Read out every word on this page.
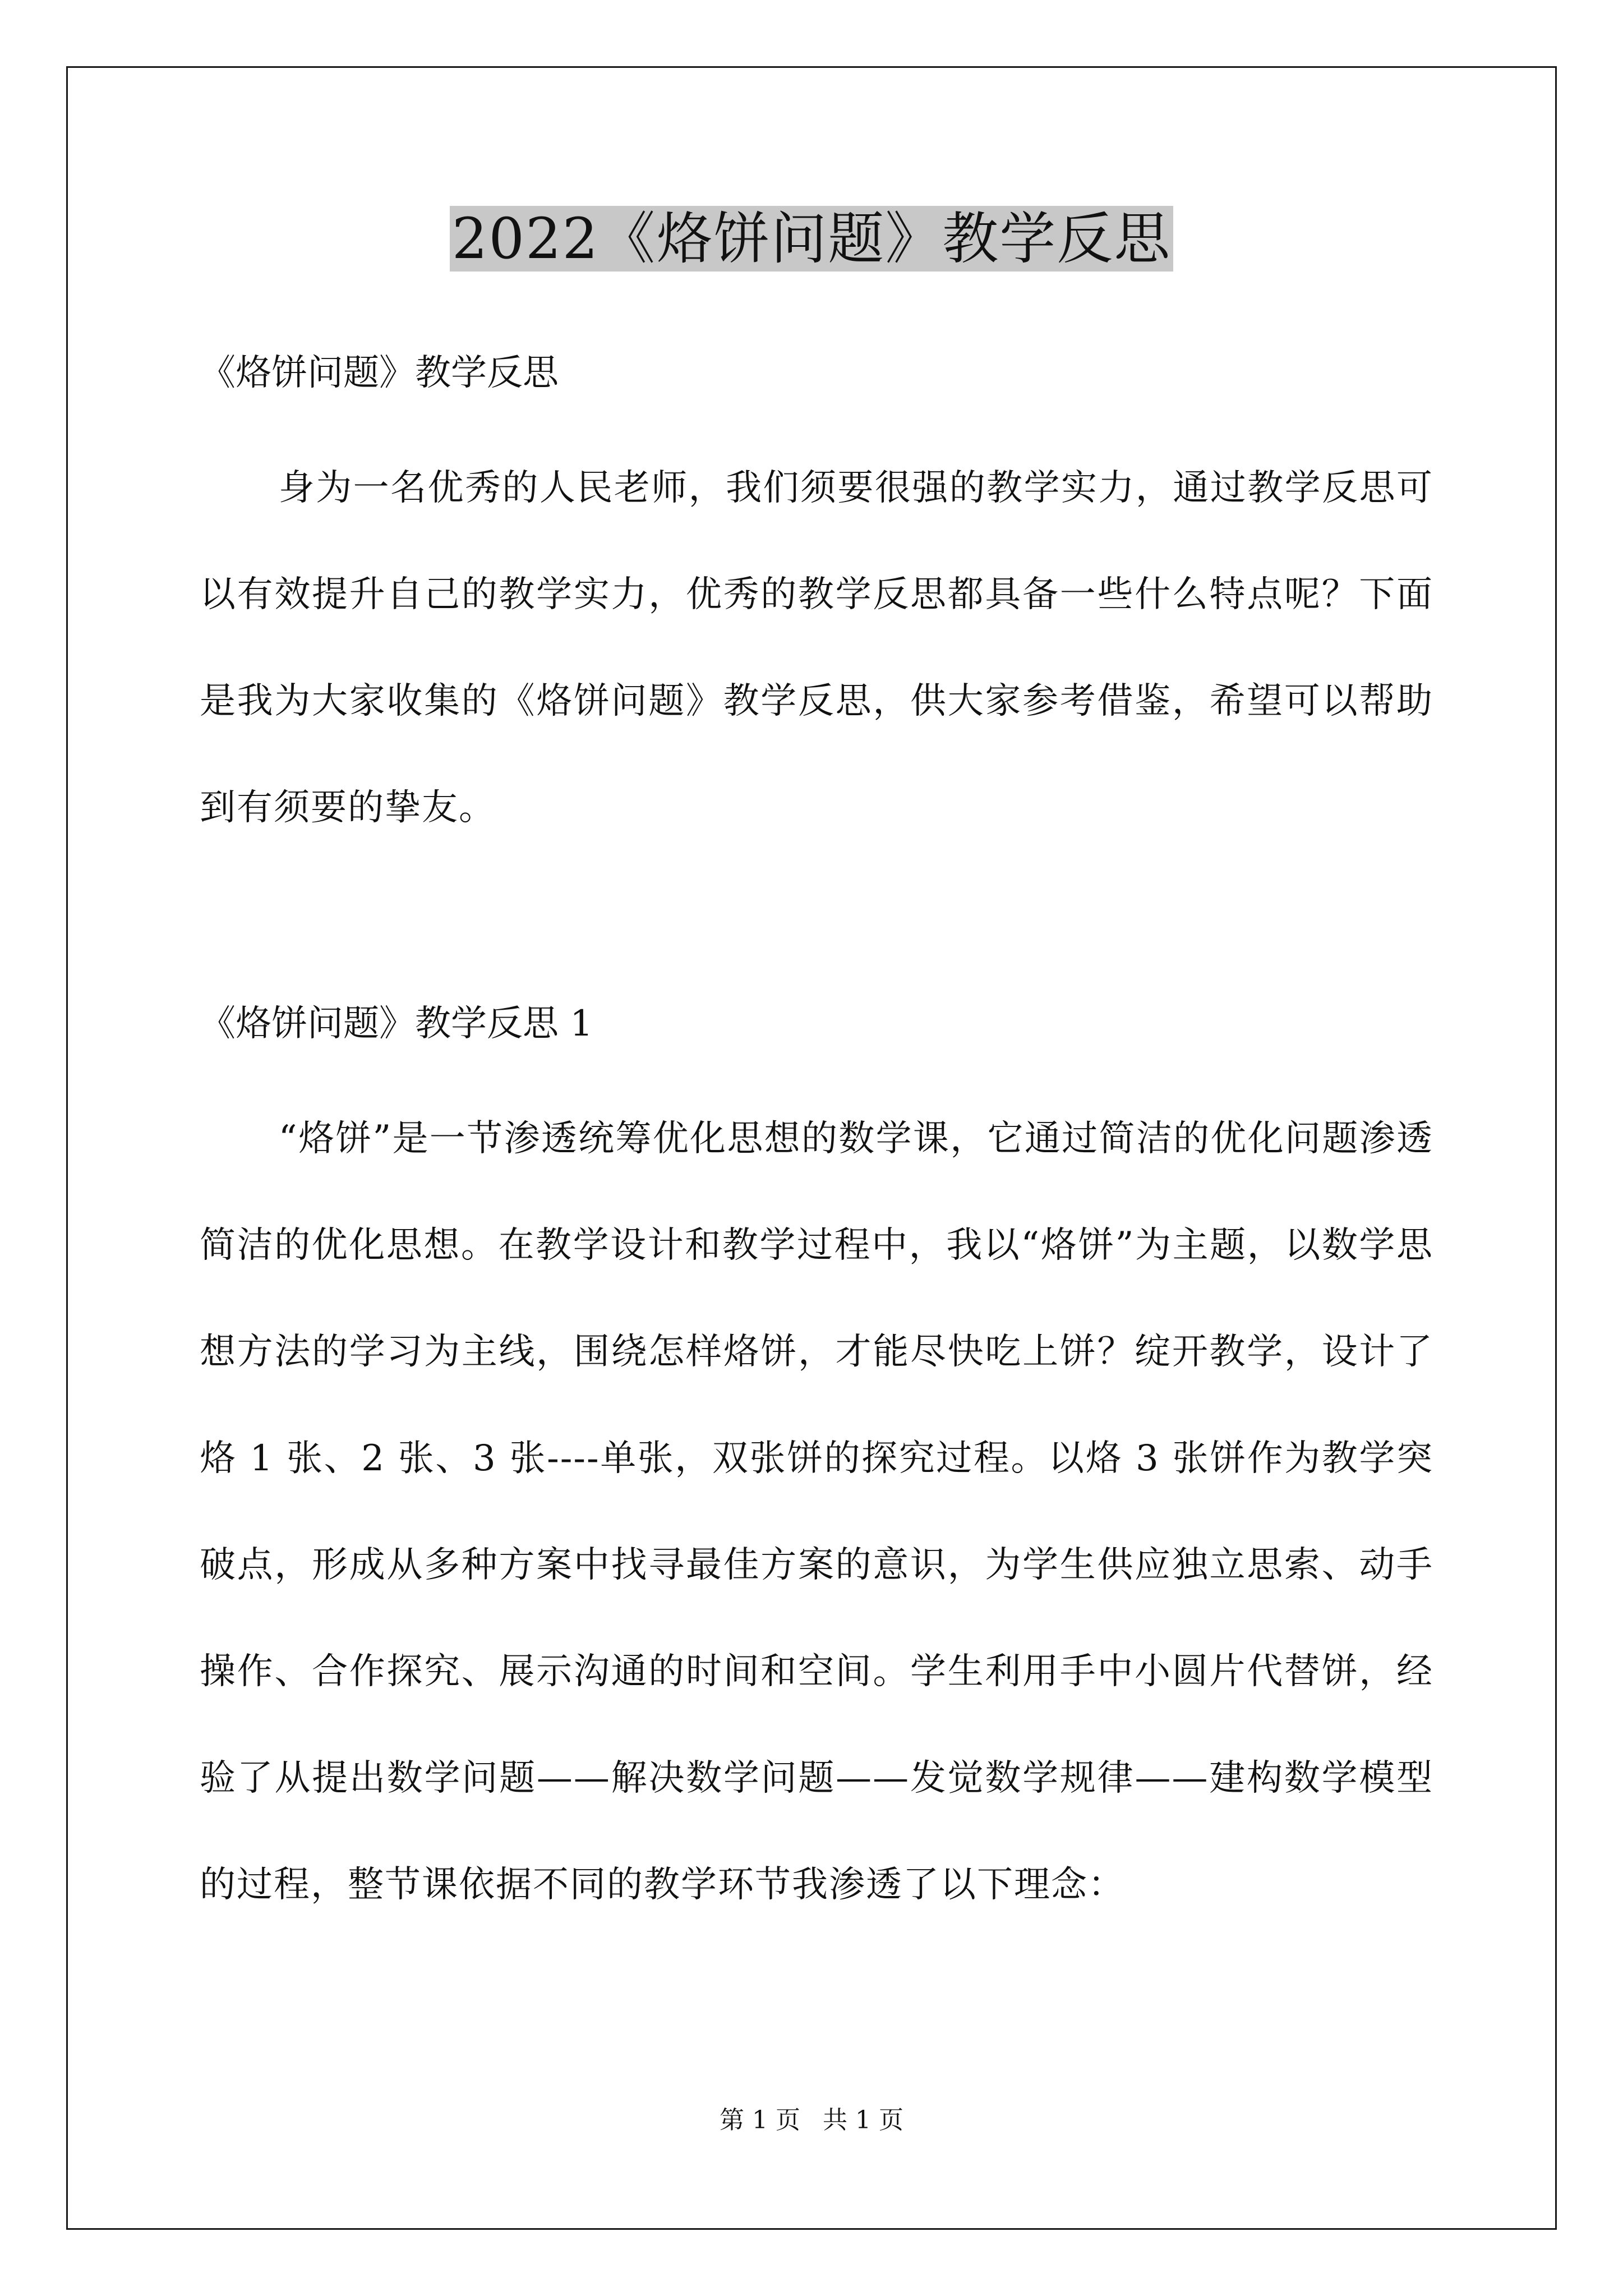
2022《烙饼问题》教学反思
《烙饼问题》教学反思

身为一名优秀的人民老师，我们须要很强的教学实力，通过教学反思可以有效提升自己的教学实力，优秀的教学反思都具备一些什么特点呢？下面是我为大家收集的《烙饼问题》教学反思，供大家参考借鉴，希望可以帮助到有须要的挚友。

《烙饼问题》教学反思 1

“烙饼”是一节渗透统筹优化思想的数学课，它通过简洁的优化问题渗透简洁的优化思想。在教学设计和教学过程中，我以“烙饼”为主题，以数学思想方法的学习为主线，围绕怎样烙饼，才能尽快吃上饼？绽开教学，设计了烙 1 张、2 张、3 张----单张，双张饼的探究过程。以烙 3 张饼作为教学突破点，形成从多种方案中找寻最佳方案的意识，为学生供应独立思索、动手操作、合作探究、展示沟通的时间和空间。学生利用手中小圆片代替饼，经验了从提出数学问题——解决数学问题——发觉数学规律——建构数学模型的过程，整节课依据不同的教学环节我渗透了以下理念：

第 1 页 共 1 页
